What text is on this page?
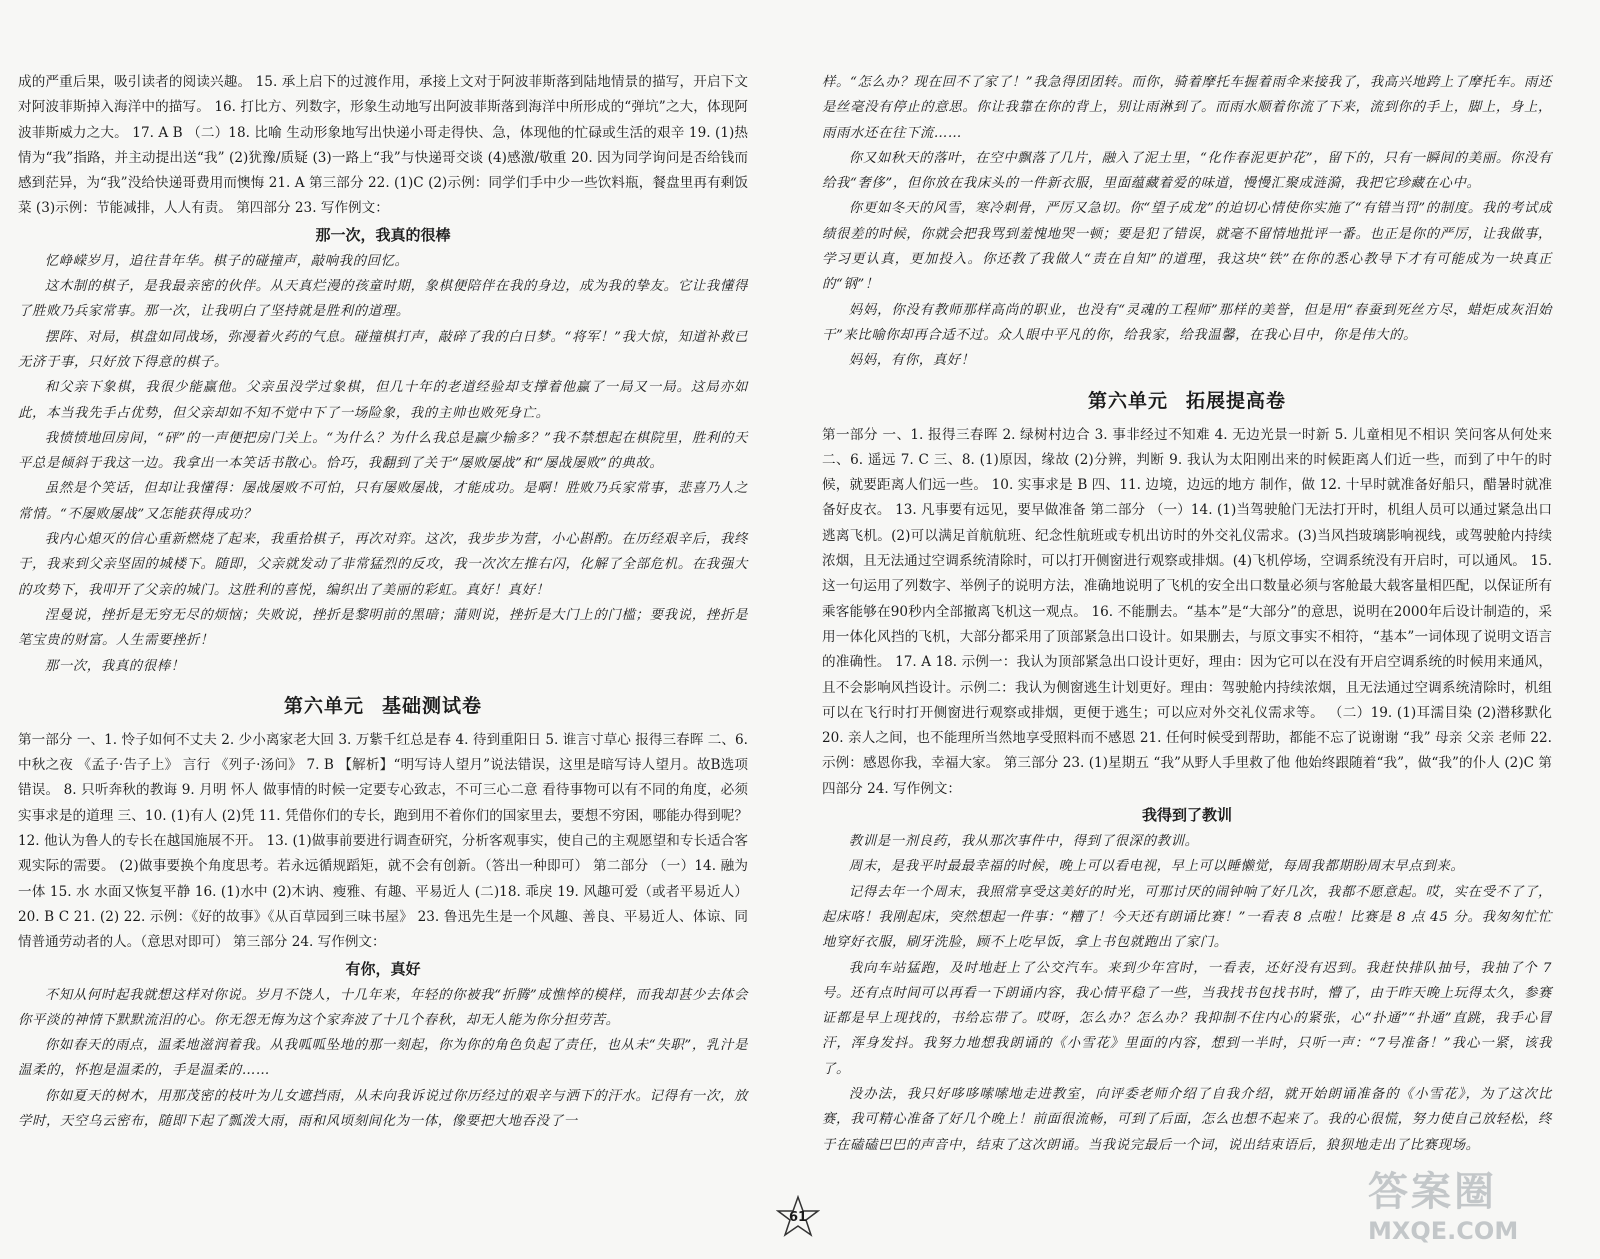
成的严重后果，吸引读者的阅读兴趣。 15. 承上启下的过渡作用，承接上文对于阿波菲斯落到陆地情景的描写，开启下文对阿波菲斯掉入海洋中的描写。 16. 打比方、列数字，形象生动地写出阿波菲斯落到海洋中所形成的“弹坑”之大，体现阿波菲斯威力之大。 17. A B （二）18. 比喻 生动形象地写出快递小哥走得快、急，体现他的忙碌或生活的艰辛 19. (1)热情为“我”指路，并主动提出送“我” (2)犹豫/质疑 (3)一路上“我”与快递哥交谈 (4)感激/敬重 20. 因为同学询问是否给钱而感到茫异，为“我”没给快递哥费用而懊悔 21. A 第三部分 22. (1)C (2)示例：同学们手中少一些饮料瓶，餐盘里再有剩饭菜 (3)示例：节能减排，人人有责。 第四部分 23. 写作例文：

那一次，我真的很棒

忆峥嵘岁月，追往昔年华。棋子的碰撞声，敲响我的回忆。

这木制的棋子，是我最亲密的伙伴。从天真烂漫的孩童时期，象棋便陪伴在我的身边，成为我的挚友。它让我懂得了胜败乃兵家常事。那一次，让我明白了坚持就是胜利的道理。

摆阵、对局，棋盘如同战场，弥漫着火药的气息。碰撞棋打声，敲碎了我的白日梦。“将军！”我大惊，知道补救已无济于事，只好放下得意的棋子。

和父亲下象棋，我很少能赢他。父亲虽没学过象棋，但几十年的老道经验却支撑着他赢了一局又一局。这局亦如此，本当我先手占优势，但父亲却如不知不觉中下了一场险象，我的主帅也败死身亡。

我愤愤地回房间，“砰”的一声便把房门关上。“为什么？为什么我总是赢少输多？”我不禁想起在棋院里，胜利的天平总是倾斜于我这一边。我拿出一本笑话书散心。恰巧，我翻到了关于“屡败屡战”和“屡战屡败”的典故。

虽然是个笑话，但却让我懂得：屡战屡败不可怕，只有屡败屡战，才能成功。是啊！胜败乃兵家常事，悲喜乃人之常情。“不屡败屡战”又怎能获得成功？

我内心熄灭的信心重新燃烧了起来，我重拾棋子，再次对弈。这次，我步步为营，小心斟酌。在历经艰辛后，我终于，我来到父亲坚固的城楼下。随即，父亲就发动了非常猛烈的反攻，我一次次左推右闪，化解了全部危机。在我强大的攻势下，我叩开了父亲的城门。这胜利的喜悦，编织出了美丽的彩虹。真好！真好！

涅曼说，挫折是无穷无尽的烦恼；失败说，挫折是黎明前的黑暗；蒲则说，挫折是大门上的门槛；要我说，挫折是笔宝贵的财富。人生需要挫折！

那一次，我真的很棒！

第六单元 基础测试卷

第一部分 一、1. 怜子如何不丈夫 2. 少小离家老大回 3. 万紫千红总是春 4. 待到重阳日 5. 谁言寸草心 报得三春晖 二、6. 中秋之夜 《孟子·告子上》 言行 《列子·汤问》 7. B 【解析】“明写诗人望月”说法错误，这里是暗写诗人望月。故B选项错误。 8. 只听奔秋的教诲 9. 月明 怀人 做事情的时候一定要专心致志，不可三心二意 看待事物可以有不同的角度，必须实事求是的道理 三、10. (1)有人 (2)凭 11. 凭借你们的专长，跑到用不着你们的国家里去，要想不穷困，哪能办得到呢？ 12. 他认为鲁人的专长在越国施展不开。 13. (1)做事前要进行调查研究，分析客观事实，使自己的主观愿望和专长适合客观实际的需要。 (2)做事要换个角度思考。若永远循规蹈矩，就不会有创新。（答出一种即可） 第二部分 （一）14. 融为一体 15. 水 水面又恢复平静 16. (1)水中 (2)木讷、瘦雅、有趣、平易近人 (二)18. 乖戾 19. 风趣可爱（或者平易近人） 20. B C 21. (2) 22. 示例：《好的故事》《从百草园到三味书屋》 23. 鲁迅先生是一个风趣、善良、平易近人、体谅、同情普通劳动者的人。（意思对即可） 第三部分 24. 写作例文：

有你，真好

不知从何时起我就想这样对你说。岁月不饶人，十几年来，年轻的你被我“折腾”成憔悴的模样，而我却甚少去体会你平淡的神情下默默流泪的心。你无怨无悔为这个家奔波了十几个春秋，却无人能为你分担劳苦。

你如春天的雨点，温柔地滋润着我。从我呱呱坠地的那一刻起，你为你的角色负起了责任，也从未“失职”，乳汁是温柔的，怀抱是温柔的，手是温柔的……

你如夏天的树木，用那茂密的枝叶为儿女遮挡雨，从未向我诉说过你历经过的艰辛与洒下的汗水。记得有一次，放学时，天空乌云密布，随即下起了瓢泼大雨，雨和风顷刻间化为一体，像要把大地吞没了一

样。“怎么办？现在回不了家了！”我急得团团转。而你，骑着摩托车握着雨伞来接我了，我高兴地跨上了摩托车。雨还是丝毫没有停止的意思。你让我靠在你的背上，别让雨淋到了。而雨水顺着你流了下来，流到你的手上，脚上，身上，雨雨水还在往下流……

你又如秋天的落叶，在空中飘落了几片，融入了泥土里，“化作春泥更护花”，留下的，只有一瞬间的美丽。你没有给我“奢侈”，但你放在我床头的一件新衣服，里面蕴藏着爱的味道，慢慢汇聚成涟漪，我把它珍藏在心中。

你更如冬天的风雪，寒冷刺骨，严厉又急切。你“望子成龙”的迫切心情使你实施了“有错当罚”的制度。我的考试成绩很差的时候，你就会把我骂到羞愧地哭一顿；要是犯了错误，就毫不留情地批评一番。也正是你的严厉，让我做事，学习更认真，更加投入。你还教了我做人“责在自知”的道理，我这块“铁”在你的悉心教导下才有可能成为一块真正的“钢”！

妈妈，你没有教师那样高尚的职业，也没有“灵魂的工程师”那样的美誉，但是用“春蚕到死丝方尽，蜡炬成灰泪始干”来比喻你却再合适不过。众人眼中平凡的你，给我家，给我温馨，在我心目中，你是伟大的。

妈妈，有你，真好！

第六单元 拓展提高卷

第一部分 一、1. 报得三春晖 2. 绿树村边合 3. 事非经过不知难 4. 无边光景一时新 5. 儿童相见不相识 笑问客从何处来 二、6. 遥远 7. C 三、8. (1)原因，缘故 (2)分辨，判断 9. 我认为太阳刚出来的时候距离人们近一些，而到了中午的时候，就要距离人们远一些。 10. 实事求是 B 四、11. 边境，边远的地方 制作，做 12. 十早时就准备好船只，醋暑时就准备好皮衣。 13. 凡事要有远见，要早做准备 第二部分 （一）14. (1)当驾驶舱门无法打开时，机组人员可以通过紧急出口逃离飞机。(2)可以满足首航航班、纪念性航班或专机出访时的外交礼仪需求。(3)当风挡玻璃影响视线，或驾驶舱内持续浓烟，且无法通过空调系统清除时，可以打开侧窗进行观察或排烟。(4)飞机停场，空调系统没有开启时，可以通风。 15. 这一句运用了列数字、举例子的说明方法，准确地说明了飞机的安全出口数量必须与客舱最大载客量相匹配，以保证所有乘客能够在90秒内全部撤离飞机这一观点。 16. 不能删去。“基本”是“大部分”的意思，说明在2000年后设计制造的，采用一体化风挡的飞机，大部分都采用了顶部紧急出口设计。如果删去，与原文事实不相符，“基本”一词体现了说明文语言的准确性。 17. A 18. 示例一：我认为顶部紧急出口设计更好，理由：因为它可以在没有开启空调系统的时候用来通风，且不会影响风挡设计。示例二：我认为侧窗逃生计划更好。理由：驾驶舱内持续浓烟，且无法通过空调系统清除时，机组可以在飞行时打开侧窗进行观察或排烟，更便于逃生；可以应对外交礼仪需求等。 （二）19. (1)耳濡目染 (2)潜移默化 20. 亲人之间，也不能理所当然地享受照料而不感恩 21. 任何时候受到帮助，都能不忘了说谢谢 “我” 母亲 父亲 老师 22. 示例：感恩你我，幸福大家。 第三部分 23. (1)星期五 “我”从野人手里救了他 他始终跟随着“我”，做“我”的仆人 (2)C 第四部分 24. 写作例文：

我得到了教训

教训是一剂良药，我从那次事件中，得到了很深的教训。

周末，是我平时最最幸福的时候，晚上可以看电视，早上可以睡懒觉，每周我都期盼周末早点到来。

记得去年一个周末，我照常享受这美好的时光，可那讨厌的闹钟响了好几次，我都不愿意起。哎，实在受不了了，起床咯！我刚起床，突然想起一件事：“糟了！今天还有朗诵比赛！”一看表 8 点啦！比赛是 8 点 45 分。我匆匆忙忙地穿好衣服，刷牙洗脸，顾不上吃早饭，拿上书包就跑出了家门。

我向车站猛跑，及时地赶上了公交汽车。来到少年宫时，一看表，还好没有迟到。我赶快排队抽号，我抽了个 7 号。还有点时间可以再看一下朗诵内容，我心情平稳了一些，当我找书包找书时，懵了，由于昨天晚上玩得太久，参赛证都是早上现找的，书给忘带了。哎呀，怎么办？怎么办？我抑制不住内心的紧张，心“扑通”“扑通”直跳，我手心冒汗，浑身发抖。我努力地想我朗诵的《小雪花》里面的内容，想到一半时，只听一声：“7号准备！”我心一紧，该我了。

没办法，我只好哆哆嗦嗦地走进教室，向评委老师介绍了自我介绍，就开始朗诵准备的《小雪花》，为了这次比赛，我可精心准备了好几个晚上！前面很流畅，可到了后面，怎么也想不起来了。我的心很慌，努力使自己放轻松，终于在磕磕巴巴的声音中，结束了这次朗诵。当我说完最后一个词，说出结束语后，狼狈地走出了比赛现场。

61
答案圈
MXQE.COM
